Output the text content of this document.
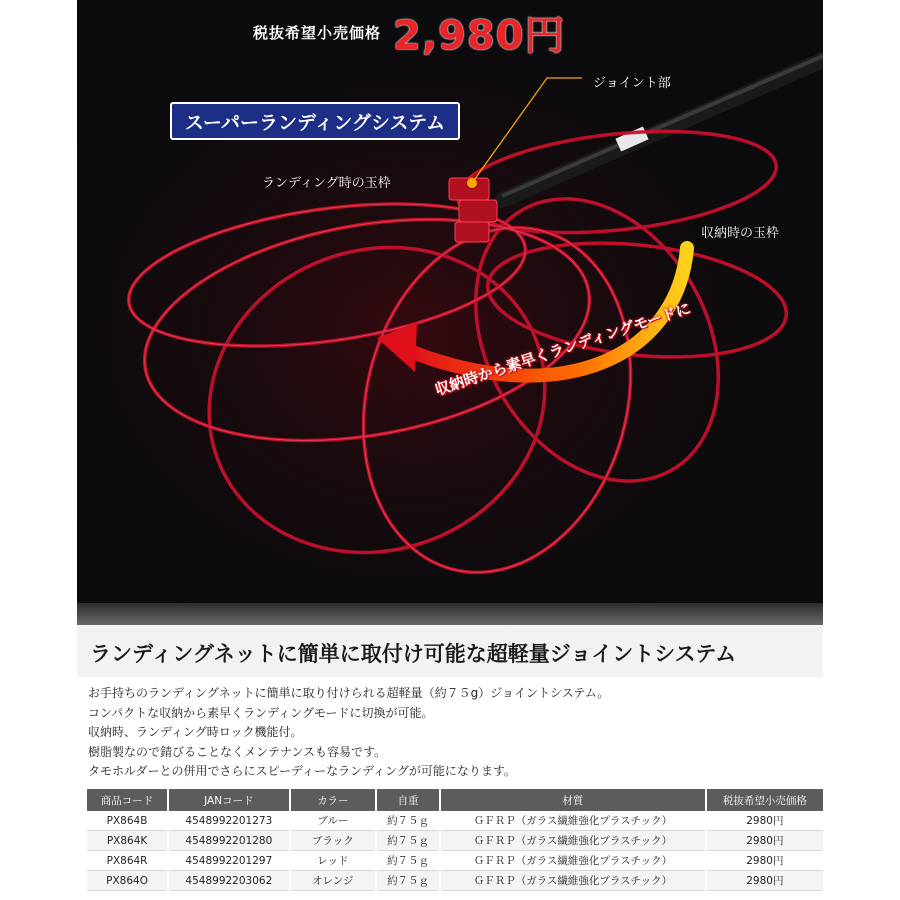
税抜希望小売価格 2,980円
スーパーランディングシステム
ジョイント部
ランディング時の玉枠
収納時の玉枠
収納時から素早くランディングモードに
ランディングネットに簡単に取付け可能な超軽量ジョイントシステム
お手持ちのランディングネットに簡単に取り付けられる超軽量（約７５g）ジョイントシステム。
コンパクトな収納から素早くランディングモードに切換が可能。
収納時、ランディング時ロック機能付。
樹脂製なので錆びることなくメンテナンスも容易です。
タモホルダーとの併用でさらにスピーディーなランディングが可能になります。
商品コード	JANコード	カラー	自重	材質	税抜希望小売価格
PX864B	4548992201273	ブルー	約７５ｇ	ＧＦＲＰ（ガラス繊維強化プラスチック）	2980円
PX864K	4548992201280	ブラック	約７５ｇ	ＧＦＲＰ（ガラス繊維強化プラスチック）	2980円
PX864R	4548992201297	レッド	約７５ｇ	ＧＦＲＰ（ガラス繊維強化プラスチック）	2980円
PX864O	4548992203062	オレンジ	約７５ｇ	ＧＦＲＰ（ガラス繊維強化プラスチック）	2980円
